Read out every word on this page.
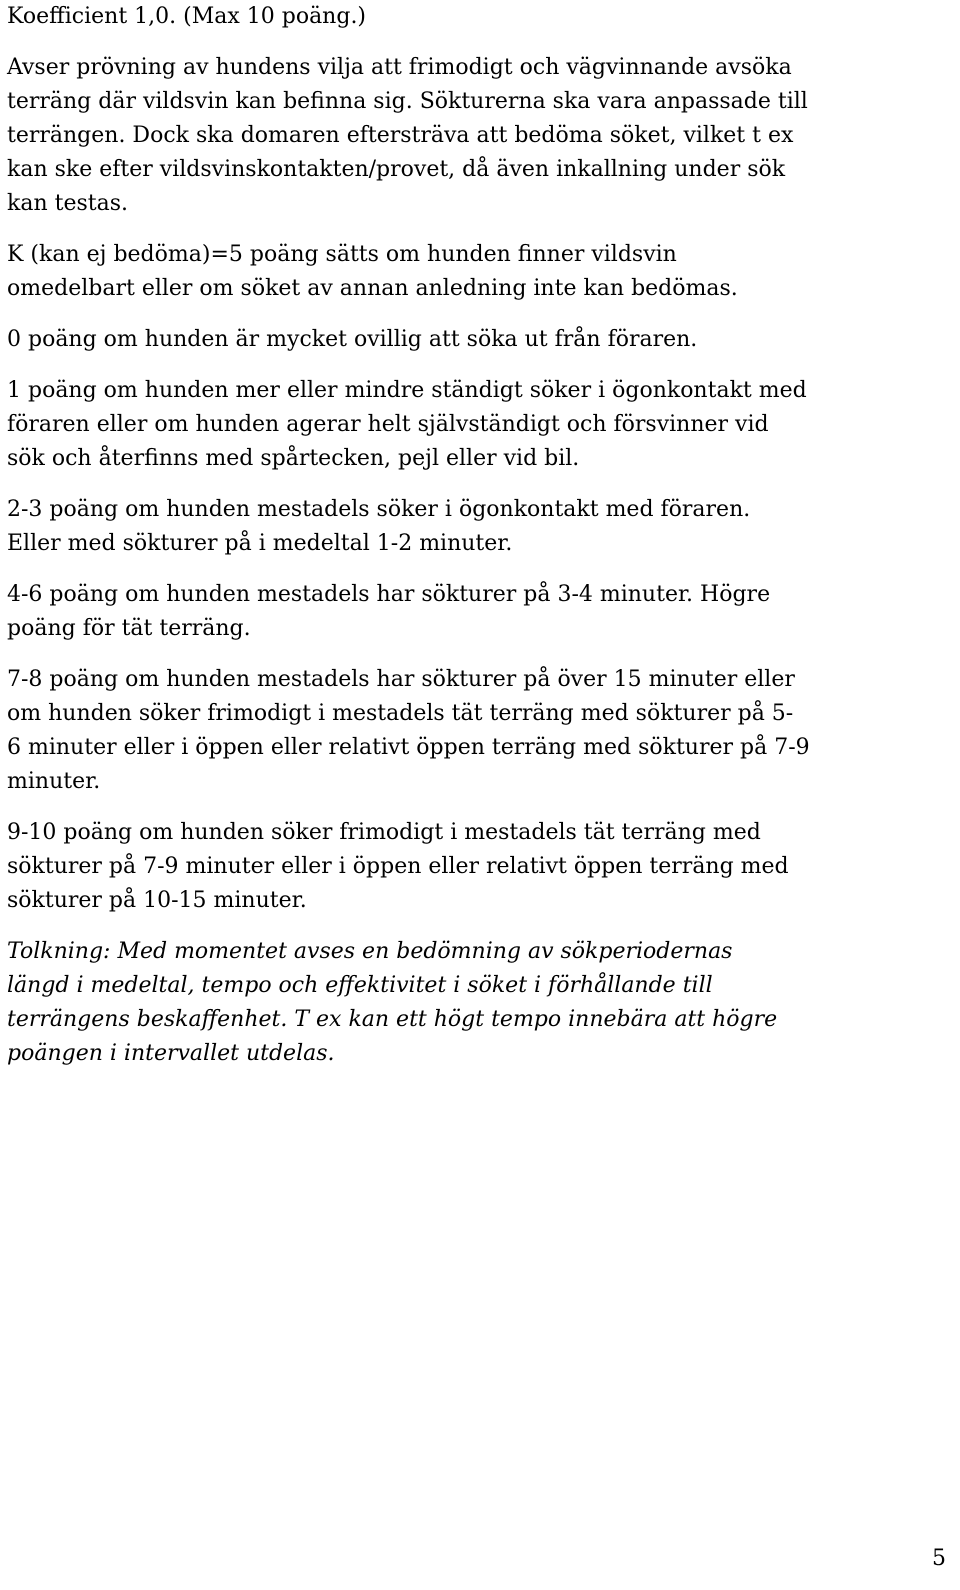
Koefficient 1,0. (Max 10 poäng.)

Avser prövning av hundens vilja att frimodigt och vägvinnande avsöka
terräng där vildsvin kan befinna sig. Sökturerna ska vara anpassade till
terrängen. Dock ska domaren eftersträva att bedöma söket, vilket t ex
kan ske efter vildsvinskontakten/provet, då även inkallning under sök
kan testas.

K (kan ej bedöma)=5 poäng sätts om hunden finner vildsvin
omedelbart eller om söket av annan anledning inte kan bedömas.

0 poäng om hunden är mycket ovillig att söka ut från föraren.

1 poäng om hunden mer eller mindre ständigt söker i ögonkontakt med
föraren eller om hunden agerar helt självständigt och försvinner vid
sök och återfinns med spårtecken, pejl eller vid bil.

2-3 poäng om hunden mestadels söker i ögonkontakt med föraren.
Eller med sökturer på i medeltal 1-2 minuter.

4-6 poäng om hunden mestadels har sökturer på 3-4 minuter. Högre
poäng för tät terräng.

7-8 poäng om hunden mestadels har sökturer på över 15 minuter eller
om hunden söker frimodigt i mestadels tät terräng med sökturer på 5-
6 minuter eller i öppen eller relativt öppen terräng med sökturer på 7-9
minuter.

9-10 poäng om hunden söker frimodigt i mestadels tät terräng med
sökturer på 7-9 minuter eller i öppen eller relativt öppen terräng med
sökturer på 10-15 minuter.

Tolkning: Med momentet avses en bedömning av sökperiodernas
längd i medeltal, tempo och effektivitet i söket i förhållande till
terrängens beskaffenhet. T ex kan ett högt tempo innebära att högre
poängen i intervallet utdelas.

5
